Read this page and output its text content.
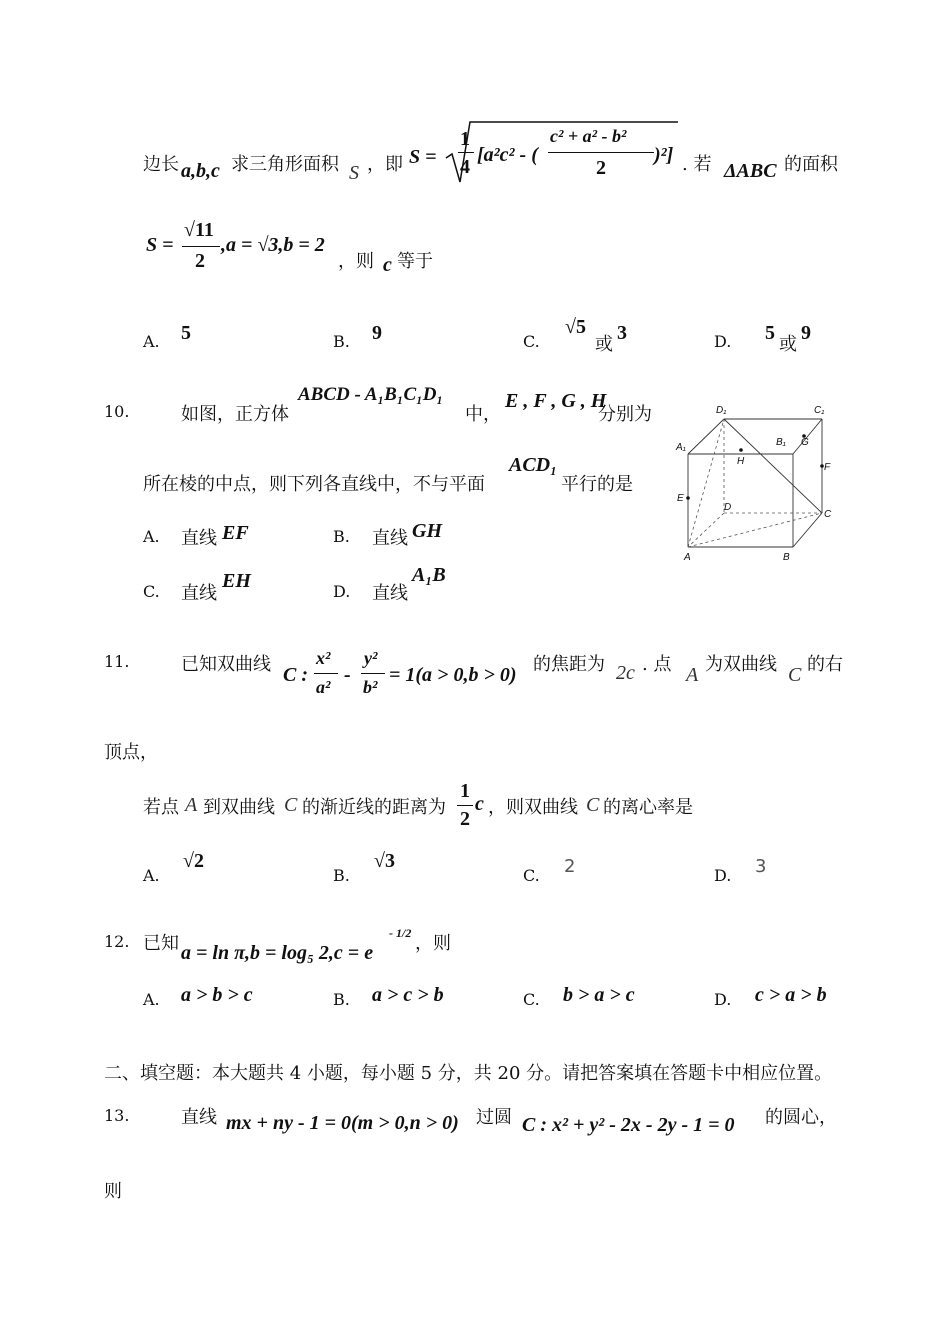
边长 a,b,c 求三角形面积 S ，即 S =
1
4
[a²c² - (
c² + a² - b²
2
)²] . 若 ΔABC 的面积
S =
√11
2
,a = √3,b = 2
，则 c 等于
A. 5	B. 9	C.
√5
或
3	D. 5
或
9
10.	如图，正方体
ABCD - A₁B₁C₁D₁
中，
E , F , G , H
分别为
所在棱的中点，则下列各直线中，不与平面
ACD₁
平行的是
A. 直线 EF	B. 直线 GH
C. 直线
EH	D. 直线
A₁B
D₁	C₁
A₁	B₁ G
H
F
E
D
C
A	B
11.	已知双曲线 C :
x²
a²
-
y²
b²
= 1(a > 0,b > 0) 的焦距为 2c . 点 A 为双曲线 C 的右
顶点，
若点 A 到双曲线 C 的渐近线的距离为
1
2
c ，则双曲线 C 的离心率是
A.
√2
B.
√3
C. 2	D. 3
12. 已知 a = ln π,b = log₅ 2,c = e
- 1/2 ，则
A. a > b > c	B. a > c > b	C. b > a > c	D. c > a > b
二、填空题：本大题共 4 小题，每小题 5 分，共 20 分。请把答案填在答题卡中相应位置。
13.	直线 mx + ny - 1 = 0(m > 0,n > 0) 过圆 C : x² + y² - 2x - 2y - 1 = 0 的圆心，
则
